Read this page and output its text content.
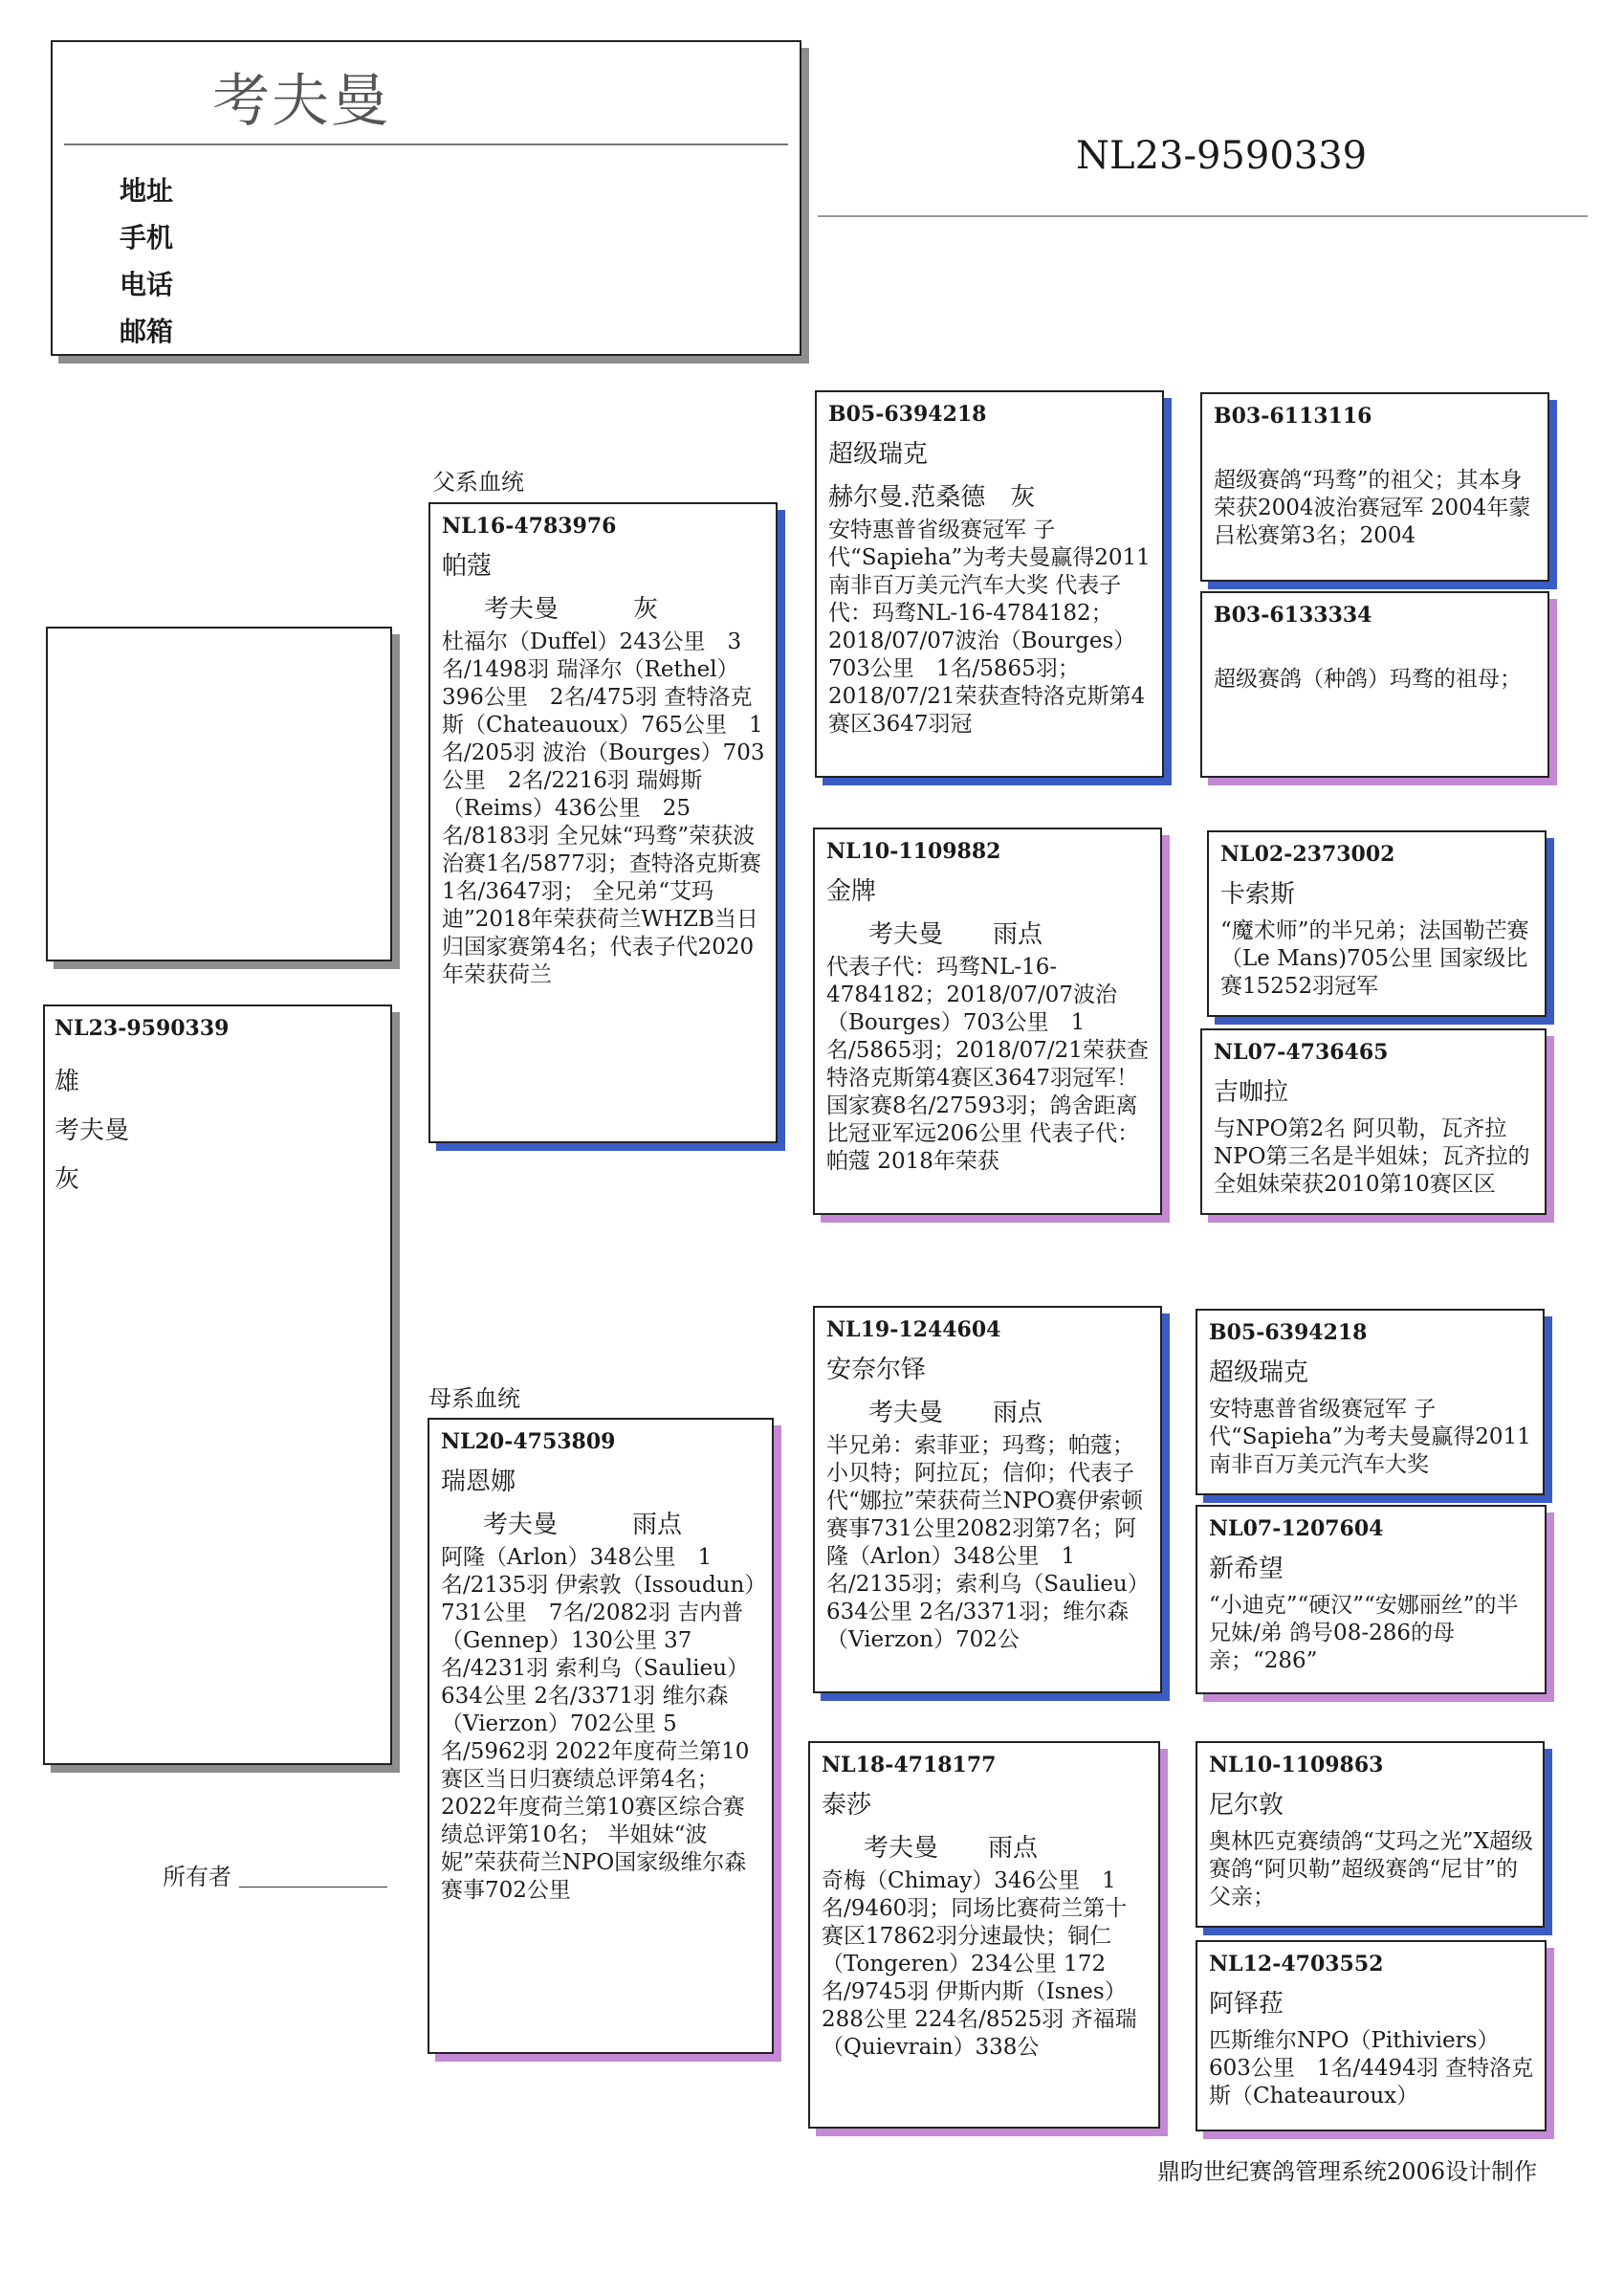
考夫曼
地址
手机
电话
邮箱
NL23-9590339
NL23-9590339
雄
考夫曼
灰
所有者
父系血统
NL16-4783976
帕蔻
考夫曼　　　灰
杜福尔（Duffel）243公里　3名/1498羽 瑞泽尔（Rethel）396公里　2名/475羽 查特洛克斯（Chateauoux）765公里　1名/205羽 波治（Bourges）703公里　2名/2216羽 瑞姆斯（Reims）436公里　25名/8183羽 全兄妹“玛骛”荣获波治赛1名/5877羽；查特洛克斯赛1名/3647羽； 全兄弟“艾玛迪”2018年荣获荷兰WHZB当日归国家赛第4名；代表子代2020年荣获荷兰
母系血统
NL20-4753809
瑞恩娜
考夫曼　　　雨点
阿隆（Arlon）348公里　1名/2135羽 伊索敦（Issoudun）731公里　7名/2082羽 吉内普（Gennep）130公里 37名/4231羽 索利乌（Saulieu）634公里 2名/3371羽 维尔森（Vierzon）702公里 5名/5962羽 2022年度荷兰第10赛区当日归赛绩总评第4名； 2022年度荷兰第10赛区综合赛绩总评第10名； 半姐妹“波妮”荣获荷兰NPO国家级维尔森赛事702公里
B05-6394218
超级瑞克
赫尔曼.范桑德　灰
安特惠普省级赛冠军 子代“Sapieha”为考夫曼赢得2011南非百万美元汽车大奖 代表子代：玛骛NL-16-4784182；2018/07/07波治（Bourges）703公里　1名/5865羽；2018/07/21荣获查特洛克斯第4赛区3647羽冠
NL10-1109882
金牌
考夫曼　　雨点
代表子代：玛骛NL-16-4784182；2018/07/07波治（Bourges）703公里　1名/5865羽；2018/07/21荣获查特洛克斯第4赛区3647羽冠军！国家赛8名/27593羽；鸽舍距离比冠亚军远206公里 代表子代：帕蔻 2018年荣获
NL19-1244604
安奈尔铎
考夫曼　　雨点
半兄弟：索菲亚；玛骛；帕蔻；小贝特；阿拉瓦；信仰；代表子代“娜拉”荣获荷兰NPO赛伊索顿赛事731公里2082羽第7名；阿隆（Arlon）348公里　1名/2135羽；索利乌（Saulieu）634公里 2名/3371羽；维尔森（Vierzon）702公
NL18-4718177
泰莎
考夫曼　　雨点
奇梅（Chimay）346公里　1名/9460羽；同场比赛荷兰第十赛区17862羽分速最快；铜仁（Tongeren）234公里 172名/9745羽 伊斯内斯（Isnes）288公里 224名/8525羽 齐福瑞（Quievrain）338公
B03-6113116
超级赛鸽“玛骛”的祖父；其本身荣获2004波治赛冠军 2004年蒙吕松赛第3名；2004
B03-6133334
超级赛鸽（种鸽）玛骛的祖母；
NL02-2373002
卡索斯
“魔术师”的半兄弟；法国勒芒赛（Le Mans)705公里 国家级比赛15252羽冠军
NL07-4736465
吉咖拉
与NPO第2名 阿贝勒，瓦齐拉NPO第三名是半姐妹；瓦齐拉的全姐妹荣获2010第10赛区区
B05-6394218
超级瑞克
安特惠普省级赛冠军 子代“Sapieha”为考夫曼赢得2011南非百万美元汽车大奖
NL07-1207604
新希望
“小迪克”“硬汉”“安娜丽丝”的半兄妹/弟 鸽号08-286的母亲；“286”
NL10-1109863
尼尔敦
奥林匹克赛绩鸽“艾玛之光”X超级赛鸽“阿贝勒”超级赛鸽“尼甘”的父亲；
NL12-4703552
阿铎菈
匹斯维尔NPO（Pithiviers）603公里　1名/4494羽 查特洛克斯（Chateauroux）
鼎昀世纪赛鸽管理系统2006设计制作
